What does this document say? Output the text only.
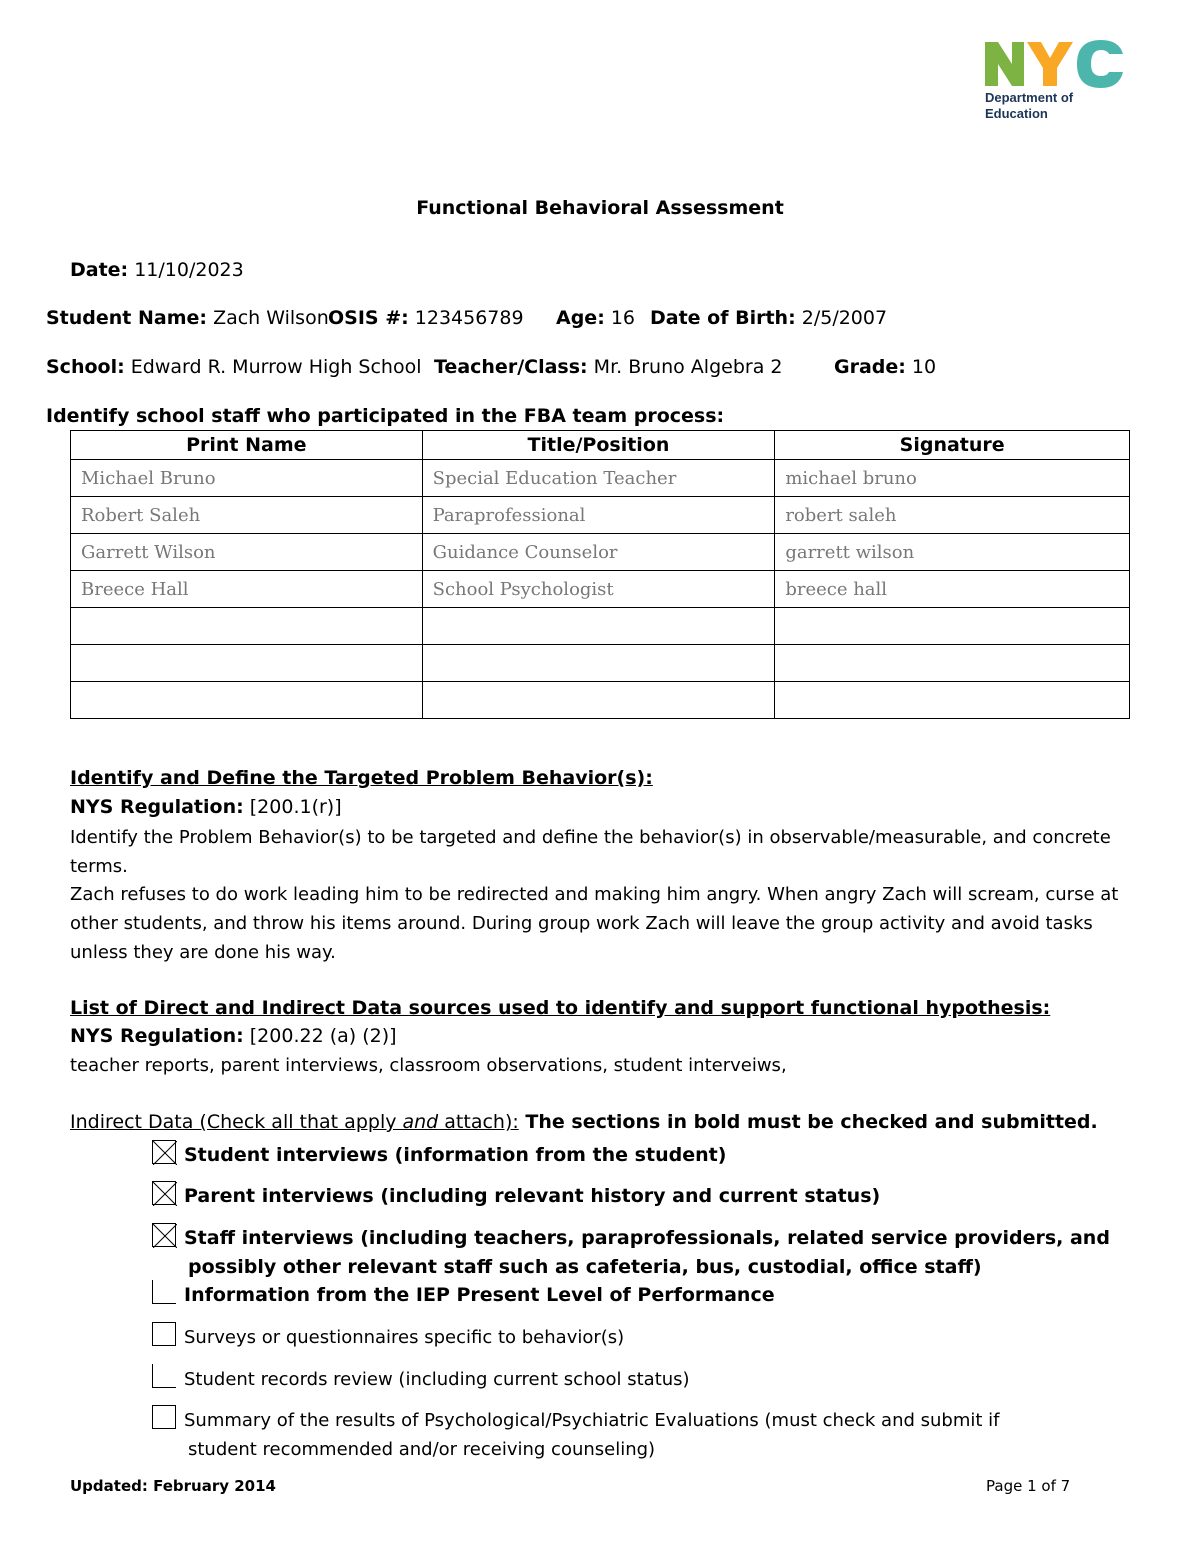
Department of
Education
Functional Behavioral Assessment
Date: 11/10/2023
Student Name: Zach Wilson OSIS #: 123456789 Age: 16 Date of Birth: 2/5/2007
School: Edward R. Murrow High School Teacher/Class: Mr. Bruno Algebra 2	Grade: 10
Identify school staff who participated in the FBA team process:
Print Name	Title/Position	Signature
Michael Bruno	Special Education Teacher	michael bruno
Robert Saleh	Paraprofessional	robert saleh
Garrett Wilson	Guidance Counselor	garrett wilson
Breece Hall	School Psychologist	breece hall

Identify and Define the Targeted Problem Behavior(s):
NYS Regulation: [200.1(r)]
Identify the Problem Behavior(s) to be targeted and define the behavior(s) in observable/measurable, and concrete terms.
Zach refuses to do work leading him to be redirected and making him angry. When angry Zach will scream, curse at other students, and throw his items around. During group work Zach will leave the group activity and avoid tasks unless they are done his way.
List of Direct and Indirect Data sources used to identify and support functional hypothesis:
NYS Regulation: [200.22 (a) (2)]
teacher reports, parent interviews, classroom observations, student interveiws,
Indirect Data (Check all that apply and attach): The sections in bold must be checked and submitted.
Student interviews (information from the student)
Parent interviews (including relevant history and current status)
Staff interviews (including teachers, paraprofessionals, related service providers, and
possibly other relevant staff such as cafeteria, bus, custodial, office staff)
Information from the IEP Present Level of Performance
Surveys or questionnaires specific to behavior(s)
Student records review (including current school status)
Summary of the results of Psychological/Psychiatric Evaluations (must check and submit if
student recommended and/or receiving counseling)
Updated: February 2014	Page 1 of 7
